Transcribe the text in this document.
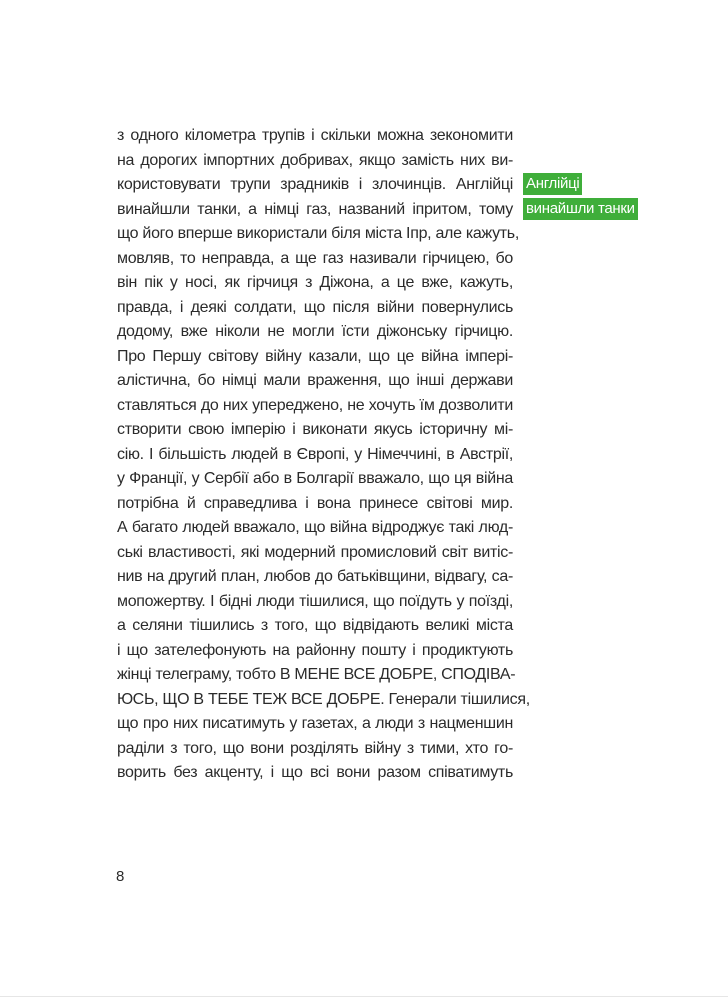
з одного кілометра трупів і скільки можна зекономити
на дорогих імпортних добривах, якщо замість них ви-
користовувати трупи зрадників і злочинців. Англійці
винайшли танки, а німці газ, названий іпритом, тому
що його вперше використали біля міста Іпр, але кажуть,
мовляв, то неправда, а ще газ називали гірчицею, бо
він пік у носі, як гірчиця з Діжона, а це вже, кажуть,
правда, і деякі солдати, що після війни повернулись
додому, вже ніколи не могли їсти діжонську гірчицю.
Про Першу світову війну казали, що це війна імпері-
алістична, бо німці мали враження, що інші держави
ставляться до них упереджено, не хочуть їм дозволити
створити свою імперію і виконати якусь історичну мі-
сію. І більшість людей в Європі, у Німеччині, в Австрії,
у Франції, у Сербії або в Болгарії вважало, що ця війна
потрібна й справедлива і вона принесе світові мир.
А багато людей вважало, що війна відроджує такі люд-
ські властивості, які модерний промисловий світ витіс-
нив на другий план, любов до батьківщини, відвагу, са-
мопожертву. І бідні люди тішилися, що поїдуть у поїзді,
а селяни тішились з того, що відвідають великі міста
і що зателефонують на районну пошту і продиктують
жінці телеграму, тобто В МЕНЕ ВСЕ ДОБРЕ, СПОДІВА-
ЮСЬ, ЩО В ТЕБЕ ТЕЖ ВСЕ ДОБРЕ. Генерали тішилися,
що про них писатимуть у газетах, а люди з нацменшин
раділи з того, що вони розділять війну з тими, хто го-
ворить без акценту, і що всі вони разом співатимуть
Англійці
винайшли танки
8
